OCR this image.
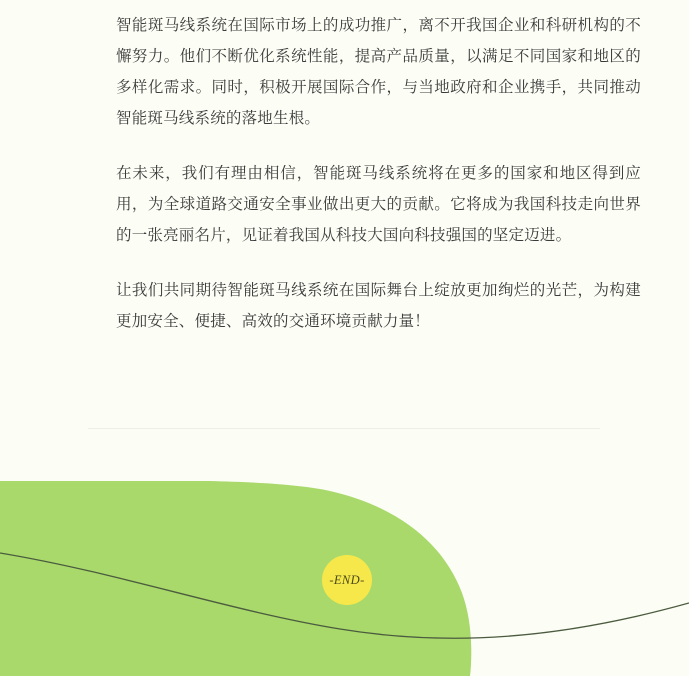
智能斑马线系统在国际市场上的成功推广，离不开我国企业和科研机构的不懈努力。他们不断优化系统性能，提高产品质量，以满足不同国家和地区的多样化需求。同时，积极开展国际合作，与当地政府和企业携手，共同推动智能斑马线系统的落地生根。

在未来，我们有理由相信，智能斑马线系统将在更多的国家和地区得到应用，为全球道路交通安全事业做出更大的贡献。它将成为我国科技走向世界的一张亮丽名片，见证着我国从科技大国向科技强国的坚定迈进。

让我们共同期待智能斑马线系统在国际舞台上绽放更加绚烂的光芒，为构建更加安全、便捷、高效的交通环境贡献力量！

-END-
